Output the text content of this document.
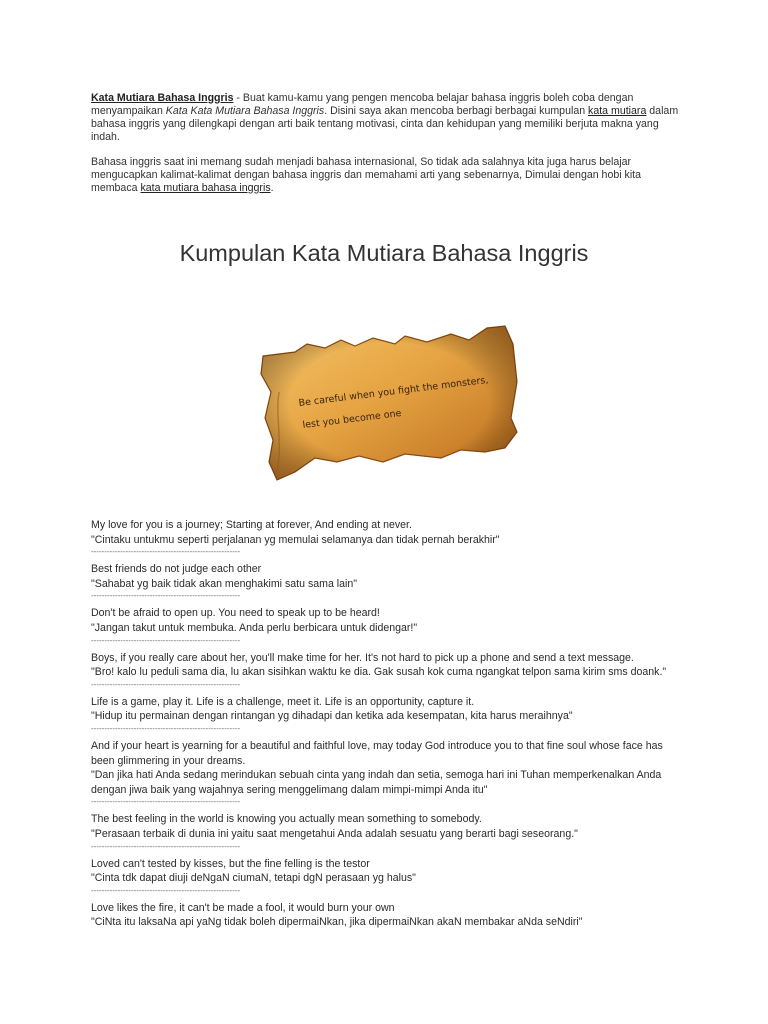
Kata Mutiara Bahasa Inggris - Buat kamu-kamu yang pengen mencoba belajar bahasa inggris boleh coba dengan menyampaikan Kata Kata Mutiara Bahasa Inggris. Disini saya akan mencoba berbagi berbagai kumpulan kata mutiara dalam bahasa inggris yang dilengkapi dengan arti baik tentang motivasi, cinta dan kehidupan yang memiliki berjuta makna yang indah.

Bahasa inggris saat ini memang sudah menjadi bahasa internasional, So tidak ada salahnya kita juga harus belajar mengucapkan kalimat-kalimat dengan bahasa inggris dan memahami arti yang sebenarnya, Dimulai dengan hobi kita membaca kata mutiara bahasa inggris.

Kumpulan Kata Mutiara Bahasa Inggris
Be careful when you fight the monsters,
lest you become one
My love for you is a journey; Starting at forever, And ending at never.
"Cintaku untukmu seperti perjalanan yg memulai selamanya dan tidak pernah berakhir"
--------------------------------------------------------
Best friends do not judge each other
"Sahabat yg baik tidak akan menghakimi satu sama lain"
--------------------------------------------------------
Don't be afraid to open up. You need to speak up to be heard!
"Jangan takut untuk membuka. Anda perlu berbicara untuk didengar!"
--------------------------------------------------------
Boys, if you really care about her, you'll make time for her. It's not hard to pick up a phone and send a text message.
"Bro! kalo lu peduli sama dia, lu akan sisihkan waktu ke dia. Gak susah kok cuma ngangkat telpon sama kirim sms doank."
--------------------------------------------------------
Life is a game, play it. Life is a challenge, meet it. Life is an opportunity, capture it.
"Hidup itu permainan dengan rintangan yg dihadapi dan ketika ada kesempatan, kita harus meraihnya"
--------------------------------------------------------
And if your heart is yearning for a beautiful and faithful love, may today God introduce you to that fine soul whose face has been glimmering in your dreams.
"Dan jika hati Anda sedang merindukan sebuah cinta yang indah dan setia, semoga hari ini Tuhan memperkenalkan Anda dengan jiwa baik yang wajahnya sering menggelimang dalam mimpi-mimpi Anda itu"
--------------------------------------------------------
The best feeling in the world is knowing you actually mean something to somebody.
"Perasaan terbaik di dunia ini yaitu saat mengetahui Anda adalah sesuatu yang berarti bagi seseorang."
--------------------------------------------------------
Loved can't tested by kisses, but the fine felling is the testor
"Cinta tdk dapat diuji deNgaN ciumaN, tetapi dgN perasaan yg halus"
--------------------------------------------------------
Love likes the fire, it can't be made a fool, it would burn your own
"CiNta itu laksaNa api yaNg tidak boleh dipermaiNkan, jika dipermaiNkan akaN membakar aNda seNdiri"
